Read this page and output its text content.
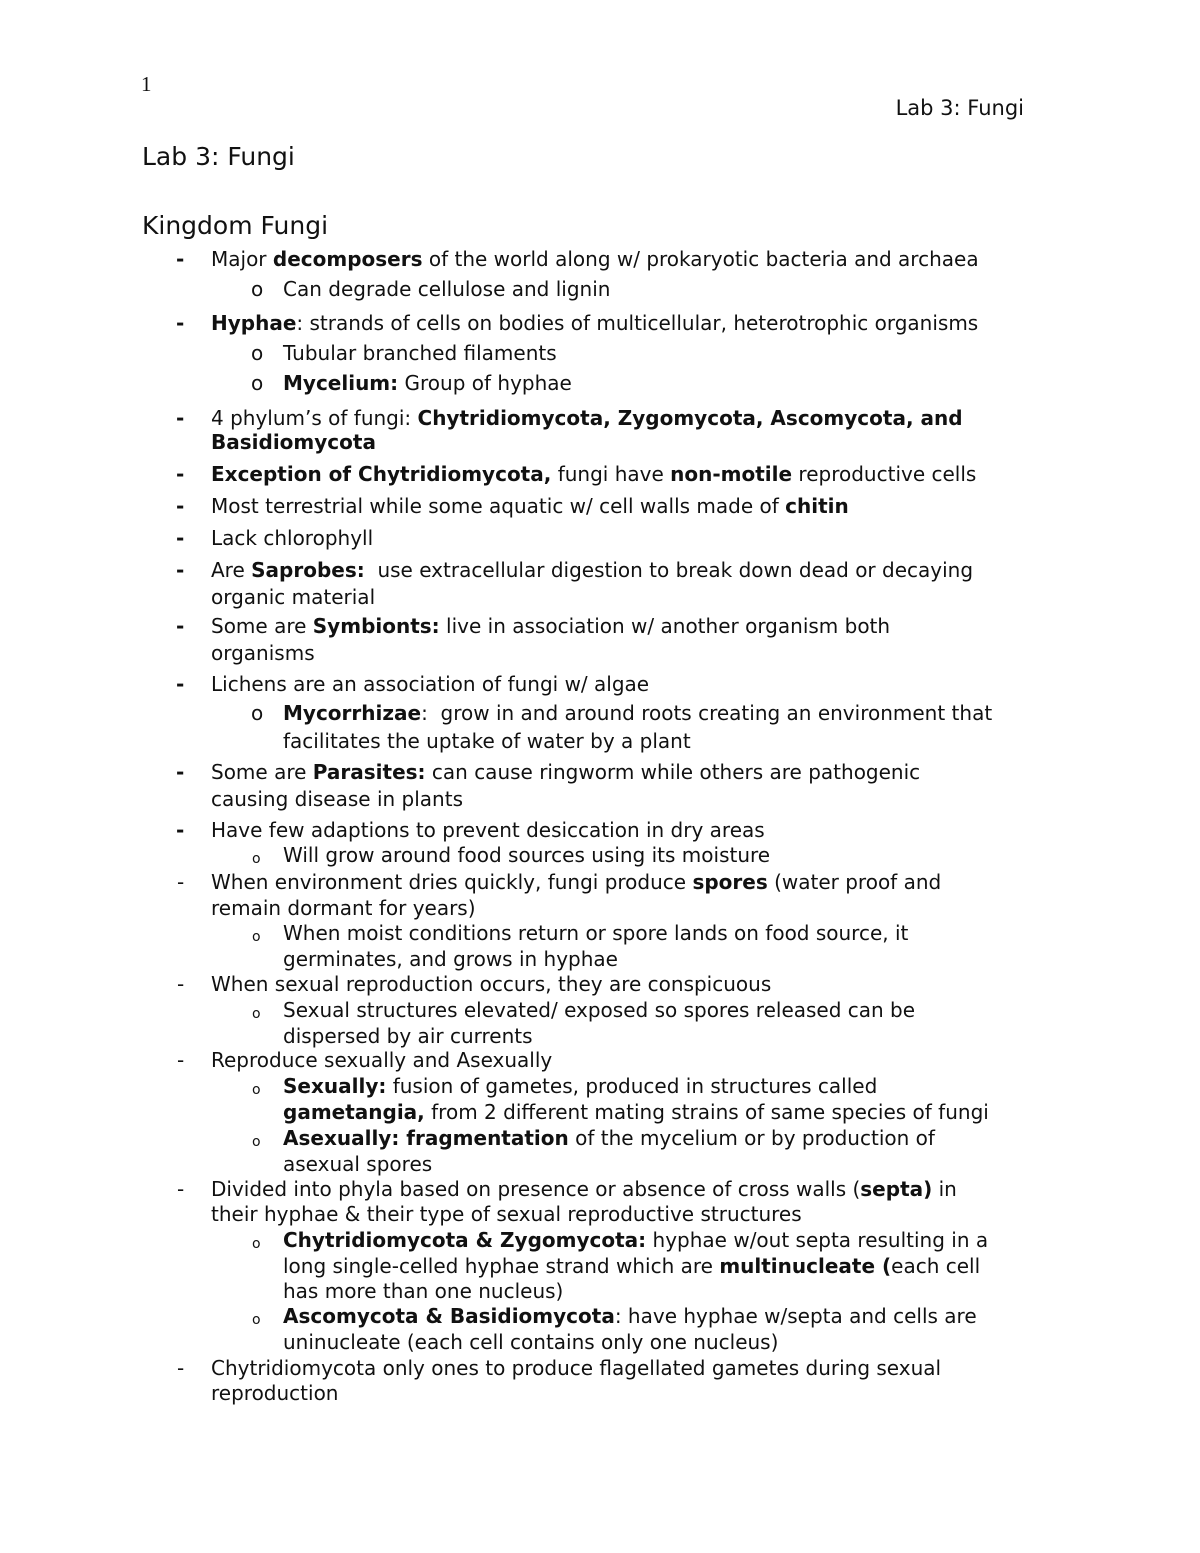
1
Lab 3: Fungi
Lab 3: Fungi
Kingdom Fungi
- Major decomposers of the world along w/ prokaryotic bacteria and archaea
o Can degrade cellulose and lignin
- Hyphae: strands of cells on bodies of multicellular, heterotrophic organisms
o Tubular branched filaments
o Mycelium: Group of hyphae
- 4 phylum’s of fungi: Chytridiomycota, Zygomycota, Ascomycota, and
Basidiomycota
- Exception of Chytridiomycota, fungi have non-motile reproductive cells
- Most terrestrial while some aquatic w/ cell walls made of chitin
- Lack chlorophyll
- Are Saprobes:  use extracellular digestion to break down dead or decaying
organic material
- Some are Symbionts: live in association w/ another organism both
organisms
- Lichens are an association of fungi w/ algae
o Mycorrhizae:  grow in and around roots creating an environment that
facilitates the uptake of water by a plant
- Some are Parasites: can cause ringworm while others are pathogenic
causing disease in plants
- Have few adaptions to prevent desiccation in dry areas
o Will grow around food sources using its moisture
- When environment dries quickly, fungi produce spores (water proof and
remain dormant for years)
o When moist conditions return or spore lands on food source, it
germinates, and grows in hyphae
- When sexual reproduction occurs, they are conspicuous
o Sexual structures elevated/ exposed so spores released can be
dispersed by air currents
- Reproduce sexually and Asexually
o Sexually: fusion of gametes, produced in structures called
gametangia, from 2 different mating strains of same species of fungi
o Asexually: fragmentation of the mycelium or by production of
asexual spores
- Divided into phyla based on presence or absence of cross walls (septa) in
their hyphae & their type of sexual reproductive structures
o Chytridiomycota & Zygomycota: hyphae w/out septa resulting in a
long single-celled hyphae strand which are multinucleate (each cell
has more than one nucleus)
o Ascomycota & Basidiomycota: have hyphae w/septa and cells are
uninucleate (each cell contains only one nucleus)
- Chytridiomycota only ones to produce flagellated gametes during sexual
reproduction
